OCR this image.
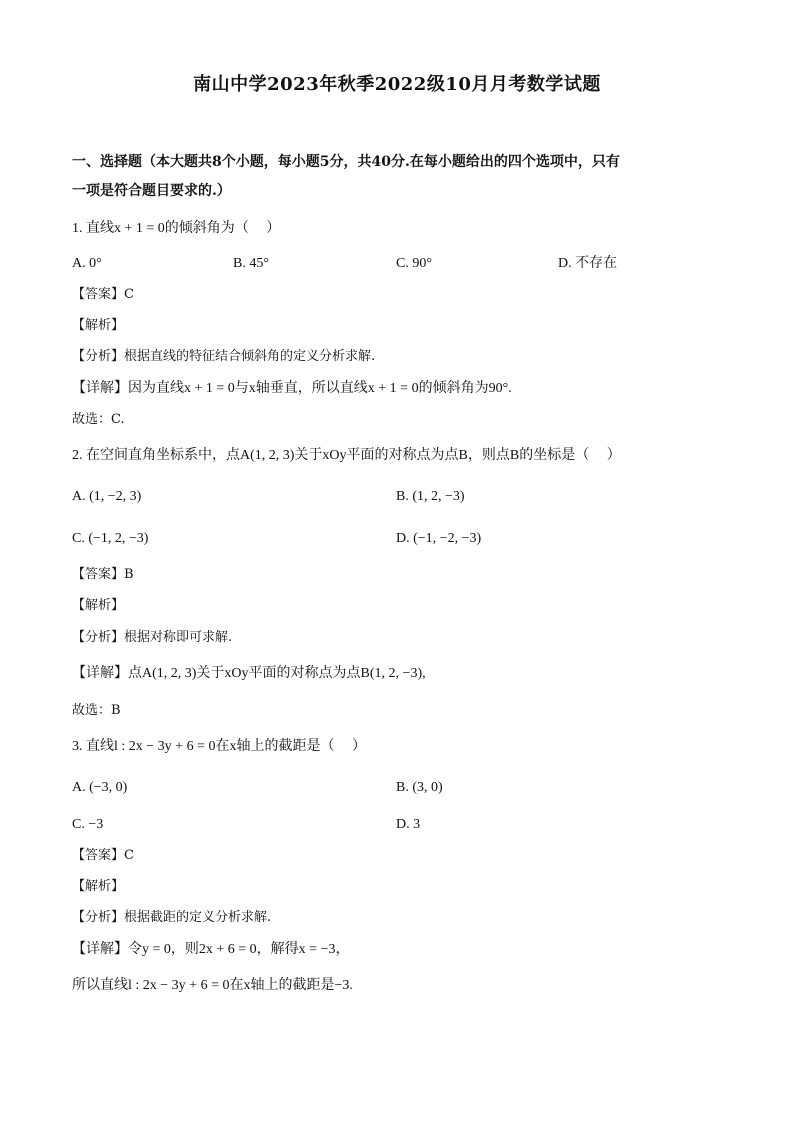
南山中学2023年秋季2022级10月月考数学试题
一、选择题（本大题共8个小题，每小题5分，共40分.在每小题给出的四个选项中，只有
一项是符合题目要求的.）
1. 直线x + 1 = 0的倾斜角为（　 ）
A. 0°	B. 45°	C. 90°	D. 不存在
【答案】C
【解析】
【分析】根据直线的特征结合倾斜角的定义分析求解.
【详解】因为直线x + 1 = 0与x轴垂直，所以直线x + 1 = 0的倾斜角为90°.
故选：C.
2. 在空间直角坐标系中，点A(1, 2, 3)关于xOy平面的对称点为点B，则点B的坐标是（　 ）
A. (1, −2, 3)	B. (1, 2, −3)
C. (−1, 2, −3)	D. (−1, −2, −3)
【答案】B
【解析】
【分析】根据对称即可求解.
【详解】点A(1, 2, 3)关于xOy平面的对称点为点B(1, 2, −3),
故选：B
3. 直线l : 2x − 3y + 6 = 0在x轴上的截距是（　 ）
A. (−3, 0)	B. (3, 0)
C. −3	D. 3
【答案】C
【解析】
【分析】根据截距的定义分析求解.
【详解】令y = 0，则2x + 6 = 0，解得x = −3，
所以直线l : 2x − 3y + 6 = 0在x轴上的截距是−3.
